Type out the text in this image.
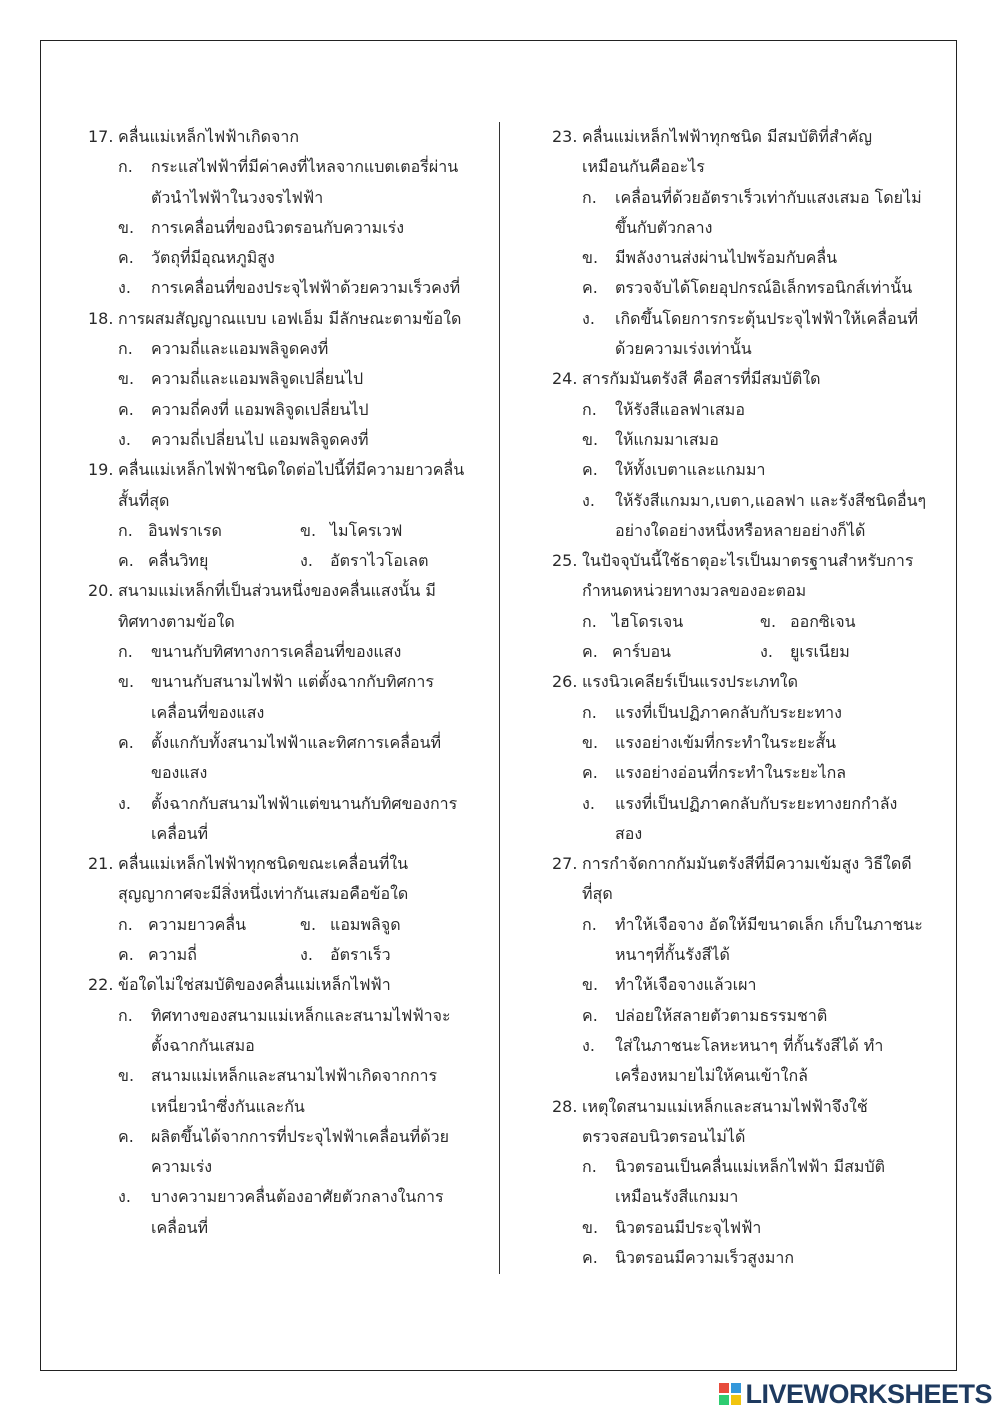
17. คลื่นแม่เหล็กไฟฟ้าเกิดจาก
ก. กระแสไฟฟ้าที่มีค่าคงที่ไหลจากแบตเตอรี่ผ่าน
ตัวนำไฟฟ้าในวงจรไฟฟ้า
ข. การเคลื่อนที่ของนิวตรอนกับความเร่ง
ค. วัตถุที่มีอุณหภูมิสูง
ง. การเคลื่อนที่ของประจุไฟฟ้าด้วยความเร็วคงที่
18. การผสมสัญญาณแบบ เอฟเอ็ม มีลักษณะตามข้อใด
ก. ความถี่และแอมพลิจูดคงที่
ข. ความถี่และแอมพลิจูดเปลี่ยนไป
ค. ความถี่คงที่ แอมพลิจูดเปลี่ยนไป
ง. ความถี่เปลี่ยนไป แอมพลิจูดคงที่
19. คลื่นแม่เหล็กไฟฟ้าชนิดใดต่อไปนี้ที่มีความยาวคลื่น
สั้นที่สุด
ก. อินฟราเรด	ข. ไมโครเวฟ
ค. คลื่นวิทยุ	ง. อัตราไวโอเลต
20. สนามแม่เหล็กที่เป็นส่วนหนึ่งของคลื่นแสงนั้น มี
ทิศทางตามข้อใด
ก. ขนานกับทิศทางการเคลื่อนที่ของแสง
ข. ขนานกับสนามไฟฟ้า แต่ตั้งฉากกับทิศการ
เคลื่อนที่ของแสง
ค. ตั้งแกกับทั้งสนามไฟฟ้าและทิศการเคลื่อนที่
ของแสง
ง. ตั้งฉากกับสนามไฟฟ้าแต่ขนานกับทิศของการ
เคลื่อนที่
21. คลื่นแม่เหล็กไฟฟ้าทุกชนิดขณะเคลื่อนที่ใน
สุญญากาศจะมีสิ่งหนึ่งเท่ากันเสมอคือข้อใด
ก. ความยาวคลื่น	ข. แอมพลิจูด
ค. ความถี่	ง. อัตราเร็ว
22. ข้อใดไม่ใช่สมบัติของคลื่นแม่เหล็กไฟฟ้า
ก. ทิศทางของสนามแม่เหล็กและสนามไฟฟ้าจะ
ตั้งฉากกันเสมอ
ข. สนามแม่เหล็กและสนามไฟฟ้าเกิดจากการ
เหนี่ยวนำซึ่งกันและกัน
ค. ผลิตขึ้นได้จากการที่ประจุไฟฟ้าเคลื่อนที่ด้วย
ความเร่ง
ง. บางความยาวคลื่นต้องอาศัยตัวกลางในการ
เคลื่อนที่
23. คลื่นแม่เหล็กไฟฟ้าทุกชนิด มีสมบัติที่สำคัญ
เหมือนกันคืออะไร
ก. เคลื่อนที่ด้วยอัตราเร็วเท่ากับแสงเสมอ โดยไม่
ขึ้นกับตัวกลาง
ข. มีพลังงานส่งผ่านไปพร้อมกับคลื่น
ค. ตรวจจับได้โดยอุปกรณ์อิเล็กทรอนิกส์เท่านั้น
ง. เกิดขึ้นโดยการกระตุ้นประจุไฟฟ้าให้เคลื่อนที่
ด้วยความเร่งเท่านั้น
24. สารกัมมันตรังสี คือสารที่มีสมบัติใด
ก. ให้รังสีแอลฟาเสมอ
ข. ให้แกมมาเสมอ
ค. ให้ทั้งเบตาและแกมมา
ง. ให้รังสีแกมมา,เบตา,แอลฟา และรังสีชนิดอื่นๆ
อย่างใดอย่างหนึ่งหรือหลายอย่างก็ได้
25. ในปัจจุบันนี้ใช้ธาตุอะไรเป็นมาตรฐานสำหรับการ
กำหนดหน่วยทางมวลของอะตอม
ก. ไฮโดรเจน	ข. ออกซิเจน
ค. คาร์บอน	ง. ยูเรเนียม
26. แรงนิวเคลียร์เป็นแรงประเภทใด
ก. แรงที่เป็นปฏิภาคกลับกับระยะทาง
ข. แรงอย่างเข้มที่กระทำในระยะสั้น
ค. แรงอย่างอ่อนที่กระทำในระยะไกล
ง. แรงที่เป็นปฏิภาคกลับกับระยะทางยกกำลัง
สอง
27. การกำจัดกากกัมมันตรังสีที่มีความเข้มสูง วิธีใดดี
ที่สุด
ก. ทำให้เจือจาง อัดให้มีขนาดเล็ก เก็บในภาชนะ
หนาๆที่กั้นรังสีได้
ข. ทำให้เจือจางแล้วเผา
ค. ปล่อยให้สลายตัวตามธรรมชาติ
ง. ใส่ในภาชนะโลหะหนาๆ ที่กั้นรังสีได้ ทำ
เครื่องหมายไม่ให้คนเข้าใกล้
28. เหตุใดสนามแม่เหล็กและสนามไฟฟ้าจึงใช้
ตรวจสอบนิวตรอนไม่ได้
ก. นิวตรอนเป็นคลื่นแม่เหล็กไฟฟ้า มีสมบัติ
เหมือนรังสีแกมมา
ข. นิวตรอนมีประจุไฟฟ้า
ค. นิวตรอนมีความเร็วสูงมาก
LIVEWORKSHEETS
